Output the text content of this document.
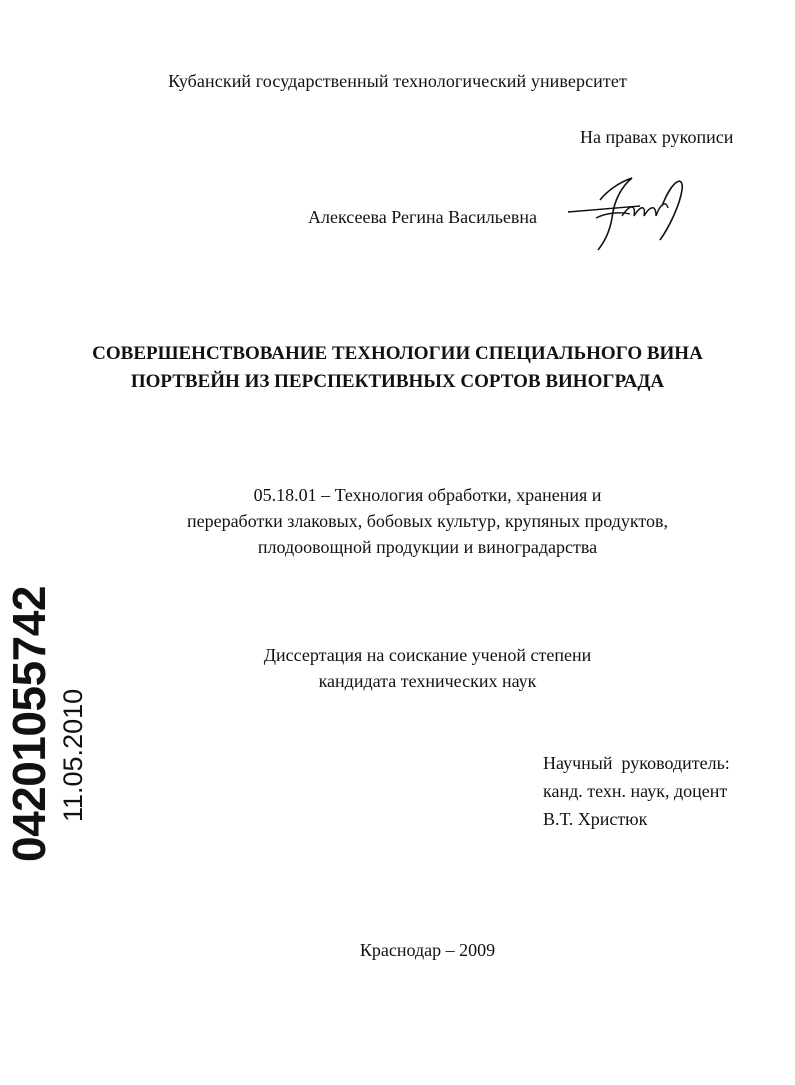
Кубанский государственный технологический университет
На правах рукописи
Алексеева Регина Васильевна
СОВЕРШЕНСТВОВАНИЕ ТЕХНОЛОГИИ СПЕЦИАЛЬНОГО ВИНА
ПОРТВЕЙН ИЗ ПЕРСПЕКТИВНЫХ СОРТОВ ВИНОГРАДА
05.18.01 – Технология обработки, хранения и
переработки злаковых, бобовых культур, крупяных продуктов,
плодоовощной продукции и виноградарства
Диссертация на соискание ученой степени
кандидата технических наук
Научный  руководитель:
канд. техн. наук, доцент
В.Т. Христюк
Краснодар – 2009
04201055742 11.05.2010
